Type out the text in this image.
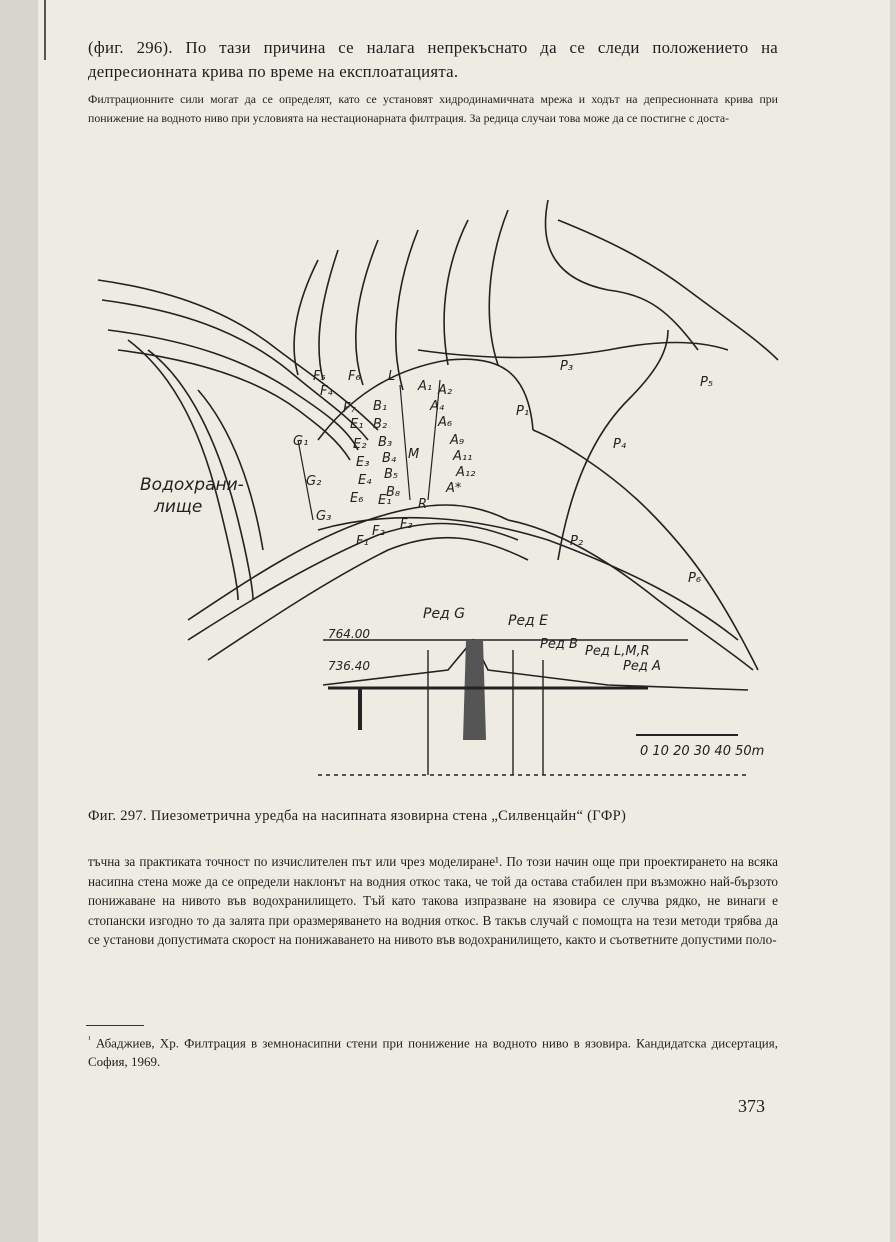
(фиг. 296). По тази причина се налага непрекъснато да се следи положението на депресионната крива по време на експлоатацията.
Филтрационните сили могат да се определят, като се установят хидродинамичната мрежа и ходът на депресионната крива при понижение на водното ниво при условията на нестационарната филтрация. За редица случаи това може да се постигне с доста-
F₅ F₆
F₄
F₇ B₁
B₂
B₃
B₄
B₅
B₈
E₁
E₂
E₃
E₄
E₆ E₁
G₁
G₂
G₃
F₁
F₂ F₃
A₁ A₂
A₄
A₆
A₉
A₁₁
A₁₂
A*
M
R
L
P₁
P₃
P₄
P₅
P₂
P₆
Водохрани-
лище
764.00
736.40
Ред G	Ред E
Ред B Ред L,M,R
Ред A
0 10 20 30 40 50m
Фиг. 297. Пиезометрична уредба на насипната язовирна стена „Силвенцайн“ (ГФР)
тъчна за практиката точност по изчислителен път или чрез моделиране¹. По този начин още при проектирането на всяка насипна стена може да се определи наклонът на водния откос така, че той да остава стабилен при възможно най-бързото понижаване на нивото във водохранилището. Тъй като такова изпразване на язовира се случва рядко, не винаги е стопански изгодно то да залята при оразмеряването на водния откос. В такъв случай с помощта на тези методи трябва да се установи допустимата скорост на понижаването на нивото във водохранилището, както и съответните допустими поло-
$^{^1}$ Абаджиев, Хр. Филтрация в земнонасипни стени при понижение на водното ниво в язовира. Кандидатска дисертация, София, 1969.
373
